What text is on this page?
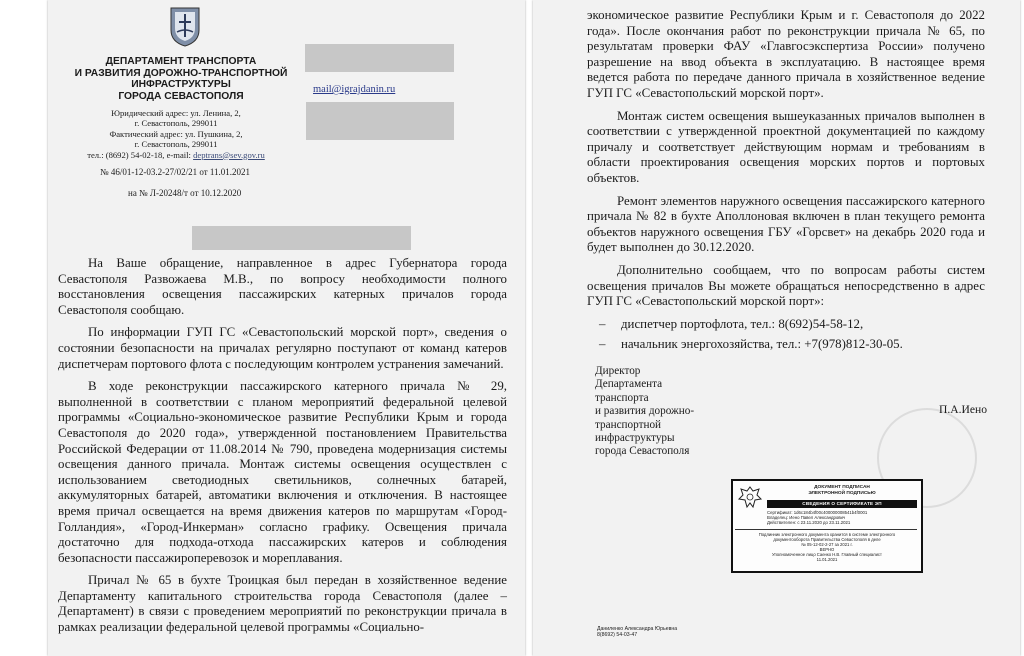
ДЕПАРТАМЕНТ ТРАНСПОРТА
И РАЗВИТИЯ ДОРОЖНО-ТРАНСПОРТНОЙ
ИНФРАСТРУКТУРЫ
ГОРОДА СЕВАСТОПОЛЯ
Юридический адрес: ул. Ленина, 2,
г. Севастополь, 299011
Фактический адрес: ул. Пушкина, 2,
г. Севастополь, 299011
тел.: (8692) 54-02-18, e-mail: deptrans@sev.gov.ru
№ 46/01-12-03.2-27/02/21 от 11.01.2021
на № Л-20248/т от 10.12.2020
mail@igrajdanin.ru

На Ваше обращение, направленное в адрес Губернатора города Севастополя Развожаева М.В., по вопросу необходимости полного восстановления освещения пассажирских катерных причалов города Севастополя сообщаю.

По информации ГУП ГС «Севастопольский морской порт», сведения о состоянии безопасности на причалах регулярно поступают от команд катеров диспетчерам портового флота с последующим контролем устранения замечаний.

В ходе реконструкции пассажирского катерного причала № 29, выполненной в соответствии с планом мероприятий федеральной целевой программы «Социально-экономическое развитие Республики Крым и города Севастополя до 2020 года», утвержденной постановлением Правительства Российской Федерации от 11.08.2014 № 790, проведена модернизация системы освещения данного причала. Монтаж системы освещения осуществлен с использованием светодиодных светильников, солнечных батарей, аккумуляторных батарей, автоматики включения и отключения. В настоящее время причал освещается на время движения катеров по маршрутам «Город-Голландия», «Город-Инкерман» согласно графику. Освещения причала достаточно для подхода-отхода пассажирских катеров и соблюдения безопасности пассажироперевозок и мореплавания.

Причал № 65 в бухте Троицкая был передан в хозяйственное ведение Департаменту капитального строительства города Севастополя (далее – Департамент) в связи с проведением мероприятий по реконструкции причала в рамках реализации федеральной целевой программы «Социально-

экономическое развитие Республики Крым и г. Севастополя до 2022 года». После окончания работ по реконструкции причала № 65, по результатам проверки ФАУ «Главгосэкспертиза России» получено разрешение на ввод объекта в эксплуатацию. В настоящее время ведется работа по передаче данного причала в хозяйственное ведение ГУП ГС «Севастопольский морской порт».

Монтаж систем освещения вышеуказанных причалов выполнен в соответствии с утвержденной проектной документацией по каждому причалу и соответствует действующим нормам и требованиям в области проектирования освещения морских портов и портовых объектов.

Ремонт элементов наружного освещения пассажирского катерного причала № 82 в бухте Аполлоновая включен в план текущего ремонта объектов наружного освещения ГБУ «Горсвет» на декабрь 2020 года и будет выполнен до 30.12.2020.

Дополнительно сообщаем, что по вопросам работы систем освещения причалов Вы можете обращаться непосредственно в адрес ГУП ГС «Севастопольский морской порт»:

– диспетчер портофлота, тел.: 8(692)54-58-12,
– начальник энергохозяйства, тел.: +7(978)812-30-05.
Директор
Департамента
транспорта
и развития дорожно-
транспортной
инфраструктуры
города Севастополя
П.А.Иено
ДОКУМЕНТ ПОДПИСАН
ЭЛЕКТРОННОЙ ПОДПИСЬЮ
СВЕДЕНИЯ О СЕРТИФИКАТЕ ЭП
Сертификат: 1d6c184b4f00c400000008541b4f0001
Владелец: Иено Павел Александрович
Действителен: с 23.11.2020 до 23.11.2021
Подлинник электронного документа хранится в системе электронного
документооборота Правительства Севастополя в деле
№ 05-12-02-2-27 за 2021 г.
ВЕРНО
Уполномоченное лицо Саенко Н.В. Главный специалист
11.01.2021
Даниленко Александра Юрьевна
8(8692) 54-03-47
